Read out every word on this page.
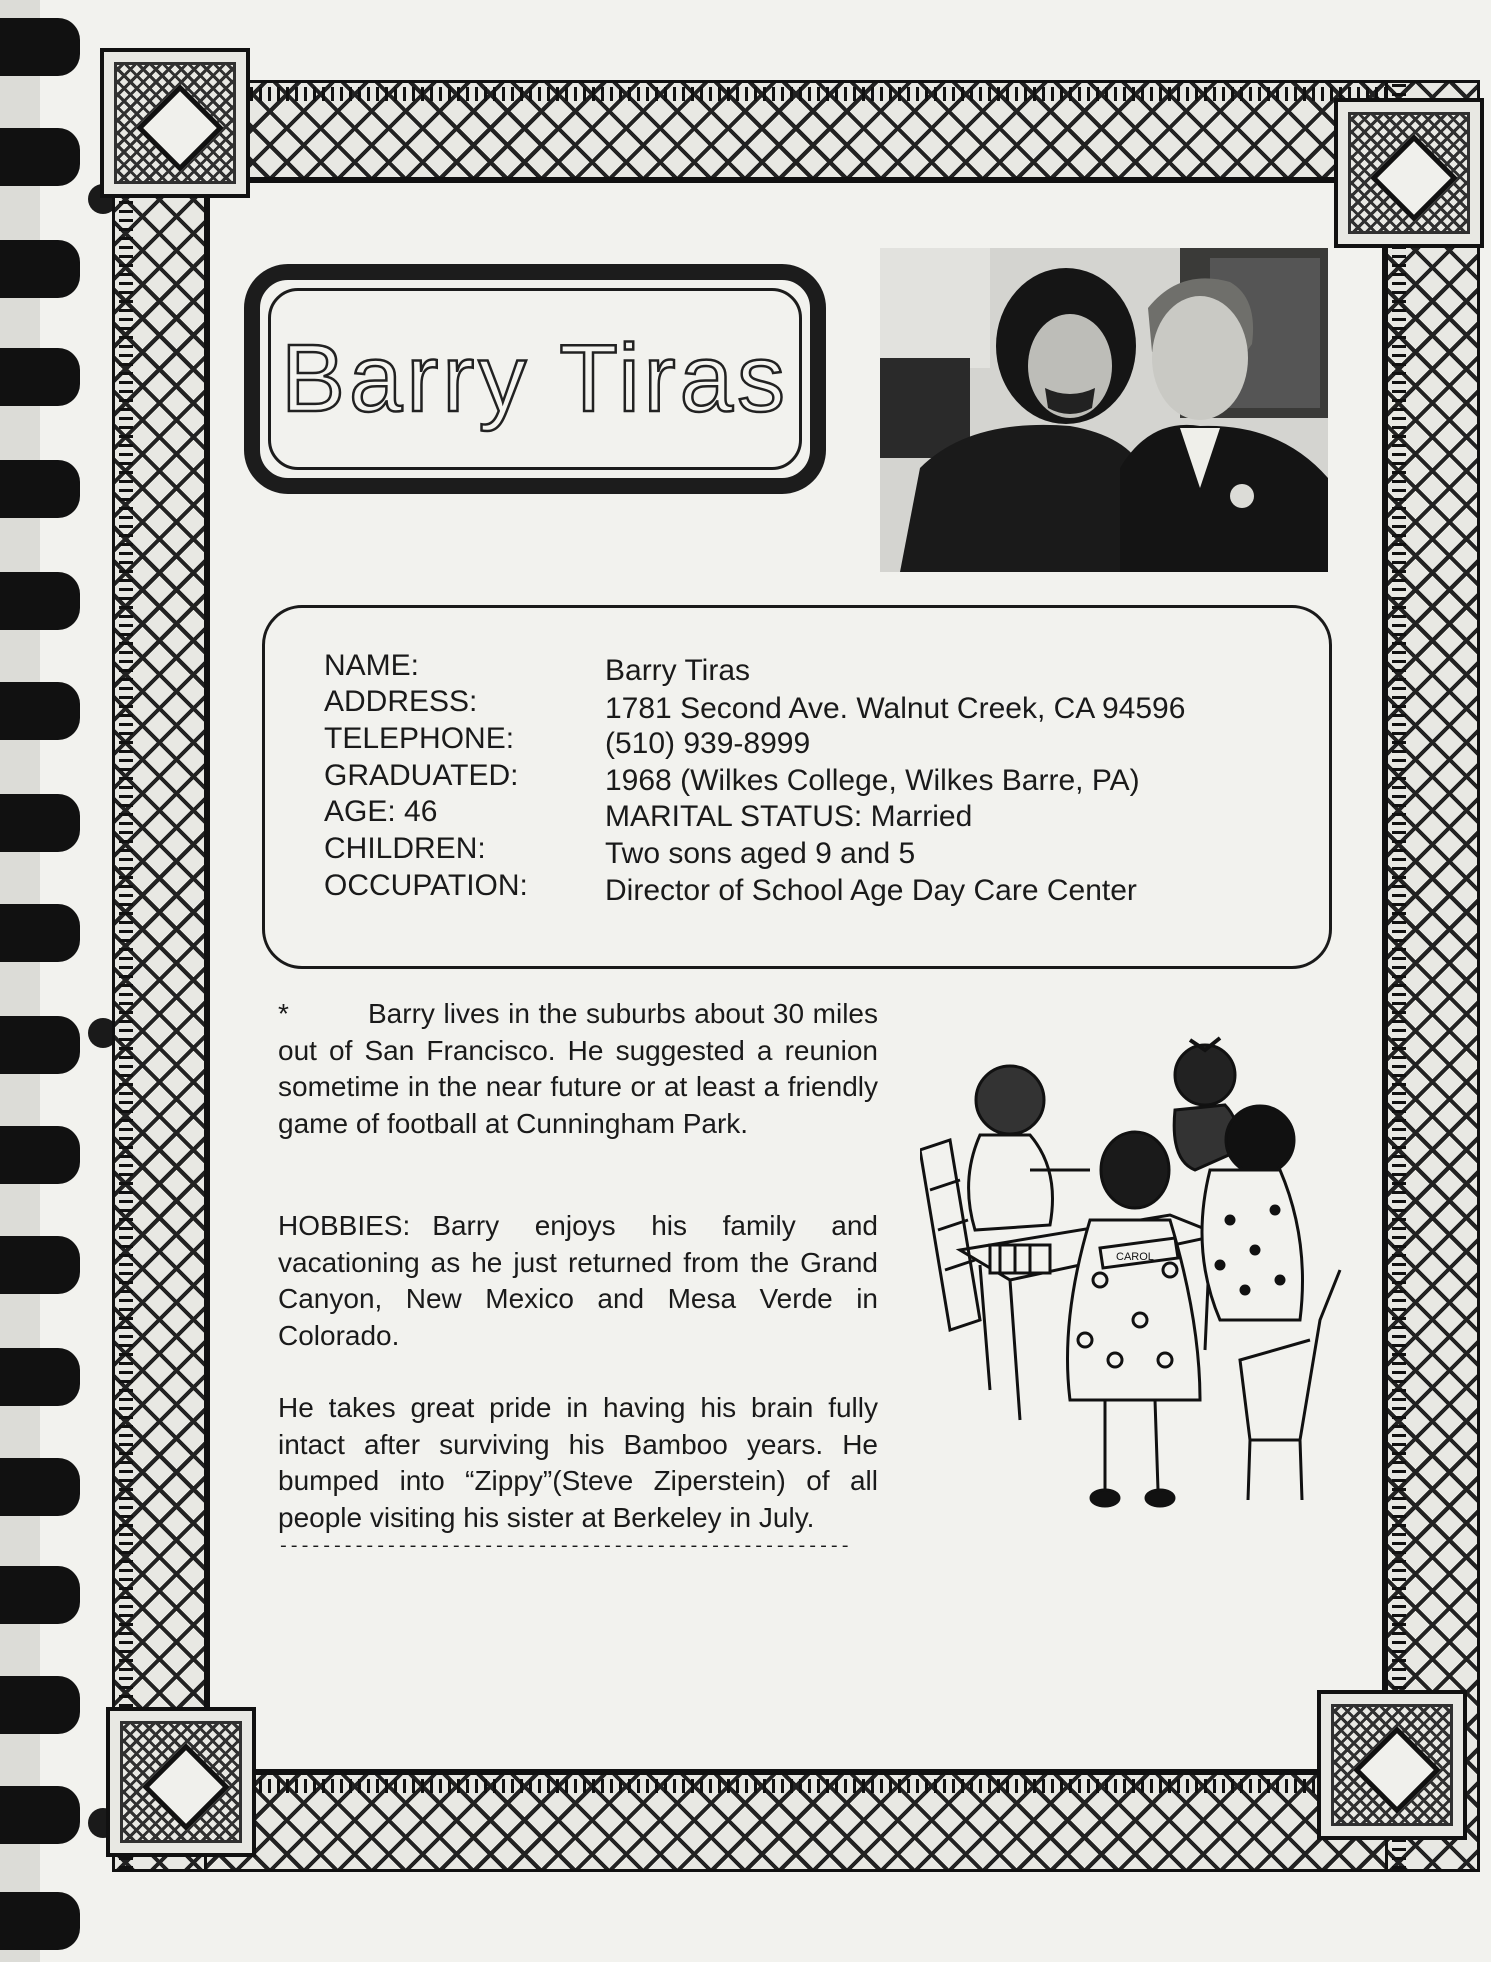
Barry Tiras
NAME:	Barry Tiras
ADDRESS:	1781 Second Ave. Walnut Creek, CA 94596
TELEPHONE:	(510) 939-8999
GRADUATED:	1968 (Wilkes College, Wilkes Barre, PA)
AGE: 46	MARITAL STATUS: Married
CHILDREN:	Two sons aged 9 and 5
OCCUPATION:	Director of School Age Day Care Center
*	Barry lives in the suburbs about 30 miles out of San Francisco. He suggested a reunion sometime in the near future or at least a friendly game of football at Cunningham Park.
HOBBIES: Barry enjoys his family and vacationing as he just returned from the Grand Canyon, New Mexico and Mesa Verde in Colorado.
He takes great pride in having his brain fully intact after surviving his Bamboo years. He bumped into “Zippy”(Steve Ziperstein) of all people visiting his sister at Berkeley in July.
-----------------------------------------------------
CAROL
